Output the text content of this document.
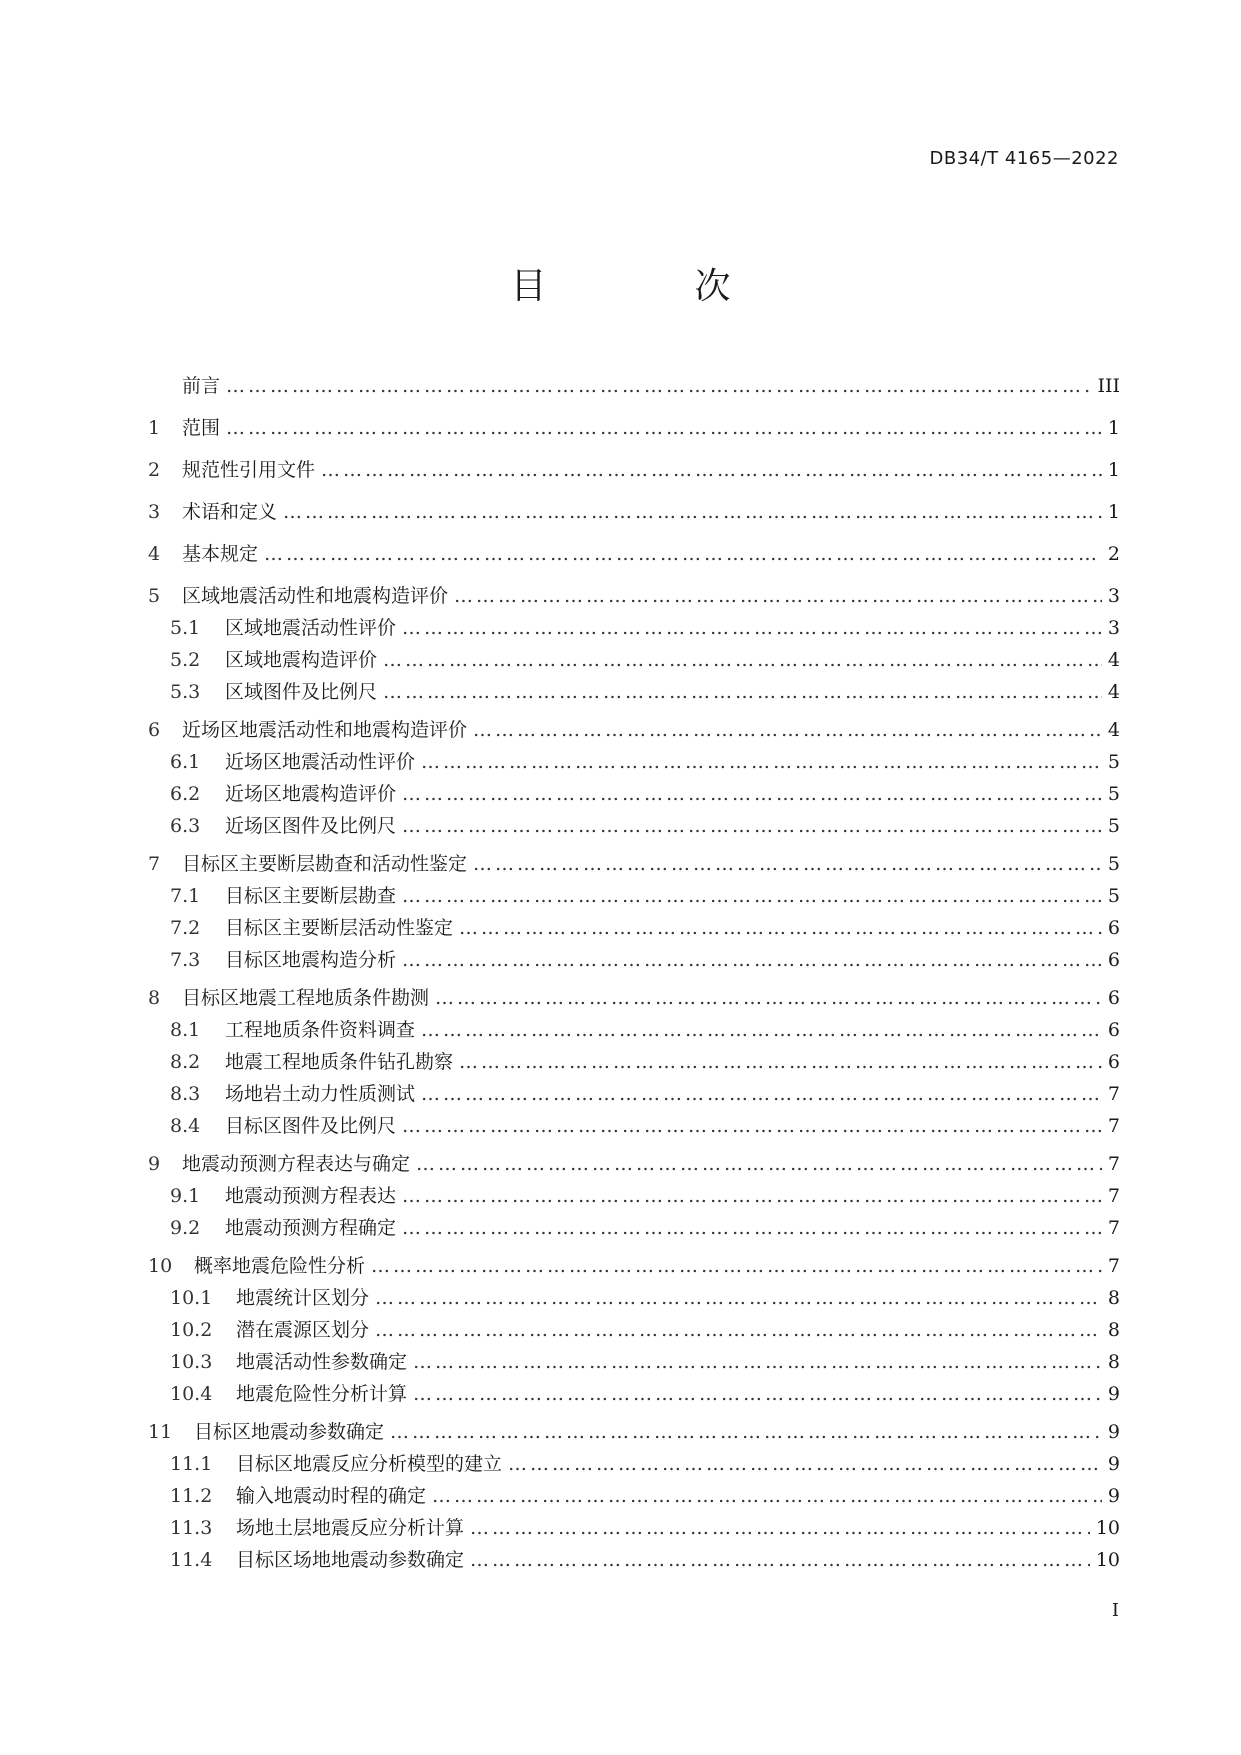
DB34/T 4165—2022
目　次
前言 …………………………………………………………………………………………………………………………………………………………………………………………………………………………………………………………………	III
1	范围 …………………………………………………………………………………………………………………………………………………………………………………………………………………………………………………………………	1
2	规范性引用文件 …………………………………………………………………………………………………………………………………………………………………………………………………………………………………………………………………	1
3	术语和定义 …………………………………………………………………………………………………………………………………………………………………………………………………………………………………………………………………	1
4	基本规定 …………………………………………………………………………………………………………………………………………………………………………………………………………………………………………………………………	2
5	区域地震活动性和地震构造评价 …………………………………………………………………………………………………………………………………………………………………………………………………………………………………………………………………	3
5.1	区域地震活动性评价 …………………………………………………………………………………………………………………………………………………………………………………………………………………………………………………………………	3
5.2	区域地震构造评价 …………………………………………………………………………………………………………………………………………………………………………………………………………………………………………………………………	4
5.3	区域图件及比例尺 …………………………………………………………………………………………………………………………………………………………………………………………………………………………………………………………………	4
6	近场区地震活动性和地震构造评价 …………………………………………………………………………………………………………………………………………………………………………………………………………………………………………………………………	4
6.1	近场区地震活动性评价 …………………………………………………………………………………………………………………………………………………………………………………………………………………………………………………………………	5
6.2	近场区地震构造评价 …………………………………………………………………………………………………………………………………………………………………………………………………………………………………………………………………	5
6.3	近场区图件及比例尺 …………………………………………………………………………………………………………………………………………………………………………………………………………………………………………………………………	5
7	目标区主要断层勘查和活动性鉴定 …………………………………………………………………………………………………………………………………………………………………………………………………………………………………………………………………	5
7.1	目标区主要断层勘查 …………………………………………………………………………………………………………………………………………………………………………………………………………………………………………………………………	5
7.2	目标区主要断层活动性鉴定 …………………………………………………………………………………………………………………………………………………………………………………………………………………………………………………………………	6
7.3	目标区地震构造分析 …………………………………………………………………………………………………………………………………………………………………………………………………………………………………………………………………	6
8	目标区地震工程地质条件勘测 …………………………………………………………………………………………………………………………………………………………………………………………………………………………………………………………………	6
8.1	工程地质条件资料调查 …………………………………………………………………………………………………………………………………………………………………………………………………………………………………………………………………	6
8.2	地震工程地质条件钻孔勘察 …………………………………………………………………………………………………………………………………………………………………………………………………………………………………………………………………	6
8.3	场地岩土动力性质测试 …………………………………………………………………………………………………………………………………………………………………………………………………………………………………………………………………	7
8.4	目标区图件及比例尺 …………………………………………………………………………………………………………………………………………………………………………………………………………………………………………………………………	7
9	地震动预测方程表达与确定 …………………………………………………………………………………………………………………………………………………………………………………………………………………………………………………………………	7
9.1	地震动预测方程表达 …………………………………………………………………………………………………………………………………………………………………………………………………………………………………………………………………	7
9.2	地震动预测方程确定 …………………………………………………………………………………………………………………………………………………………………………………………………………………………………………………………………	7
10	概率地震危险性分析 …………………………………………………………………………………………………………………………………………………………………………………………………………………………………………………………………	7
10.1	地震统计区划分 …………………………………………………………………………………………………………………………………………………………………………………………………………………………………………………………………	8
10.2	潜在震源区划分 …………………………………………………………………………………………………………………………………………………………………………………………………………………………………………………………………	8
10.3	地震活动性参数确定 …………………………………………………………………………………………………………………………………………………………………………………………………………………………………………………………………	8
10.4	地震危险性分析计算 …………………………………………………………………………………………………………………………………………………………………………………………………………………………………………………………………	9
11	目标区地震动参数确定 …………………………………………………………………………………………………………………………………………………………………………………………………………………………………………………………………	9
11.1	目标区地震反应分析模型的建立 …………………………………………………………………………………………………………………………………………………………………………………………………………………………………………………………………	9
11.2	输入地震动时程的确定 …………………………………………………………………………………………………………………………………………………………………………………………………………………………………………………………………	9
11.3	场地土层地震反应分析计算 …………………………………………………………………………………………………………………………………………………………………………………………………………………………………………………………………	10
11.4	目标区场地地震动参数确定 …………………………………………………………………………………………………………………………………………………………………………………………………………………………………………………………………	10
I
